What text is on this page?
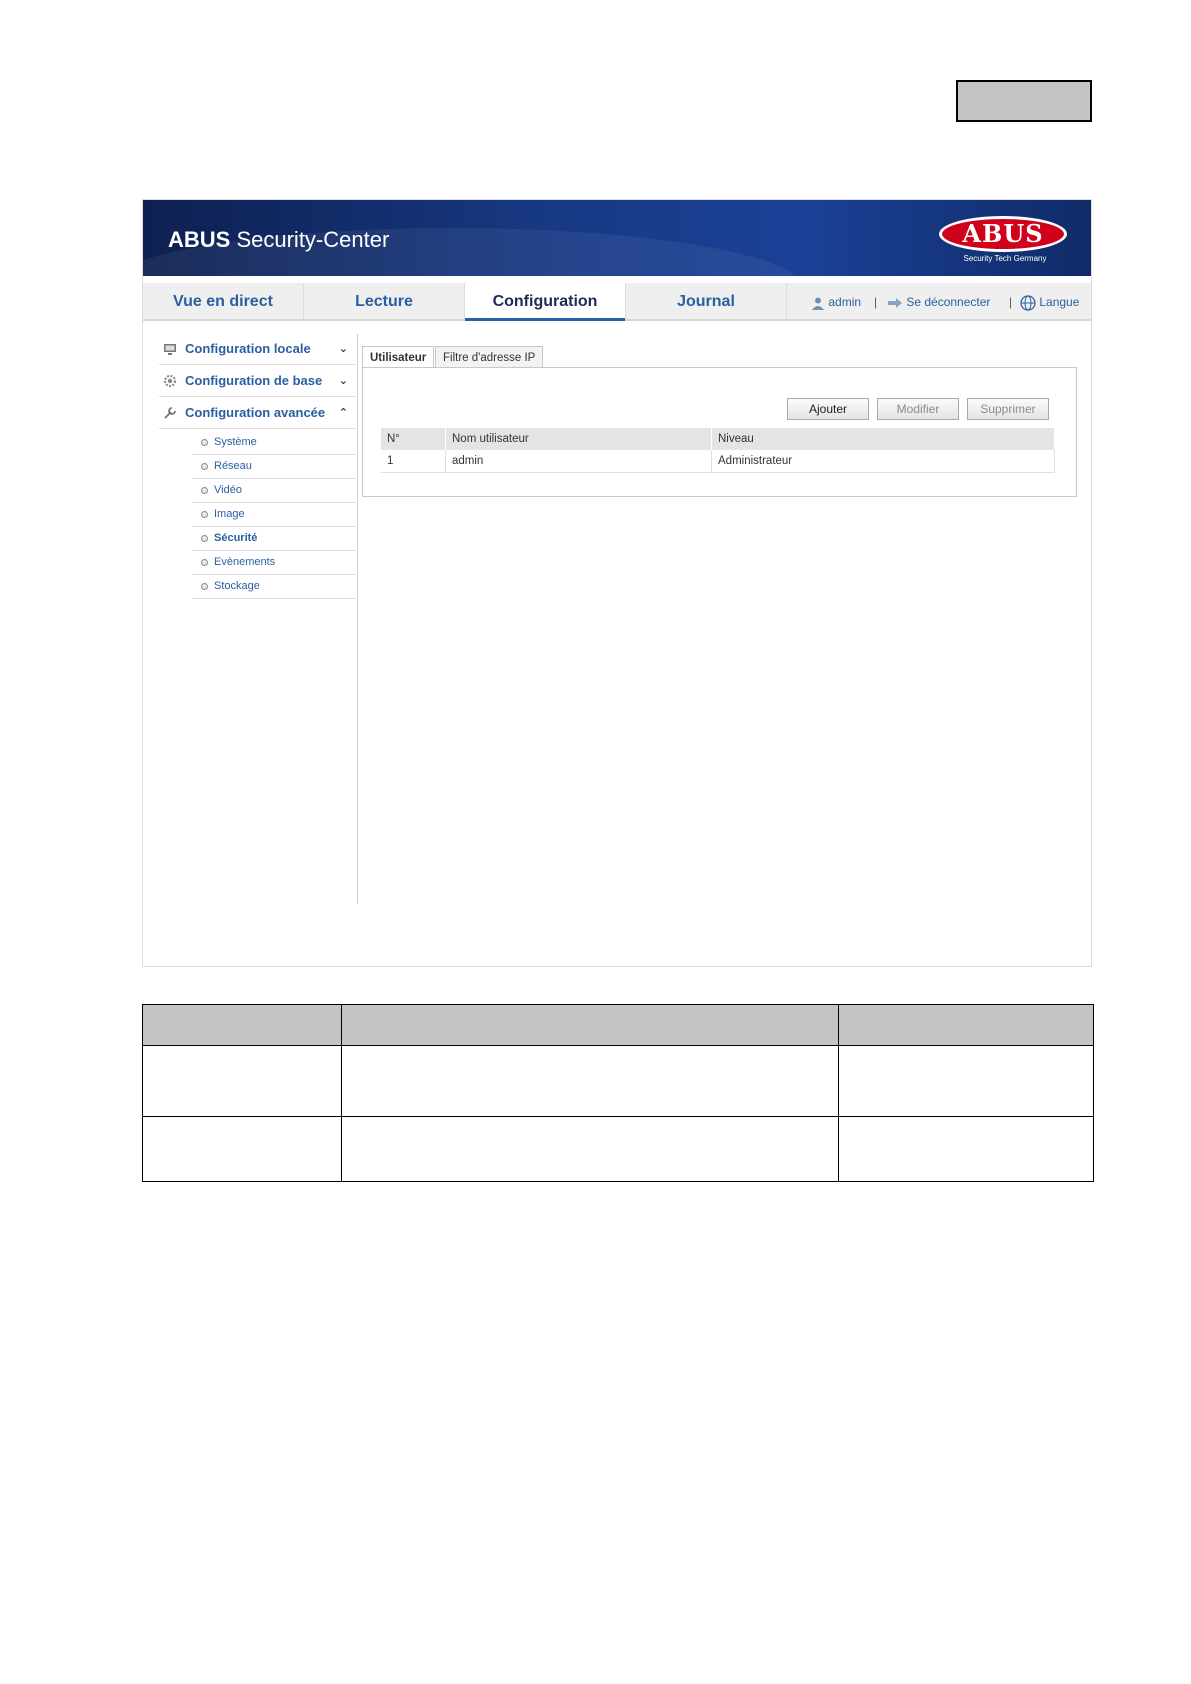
ABUS Security-Center	ABUS
Security Tech Germany
Vue en direct	Lecture	Configuration	Journal	admin |	Se déconnecter |	Langue
Configuration locale	⌄
Configuration de base ⌄
Configuration avancée ⌃
Système
Réseau
Vidéo
Image
Sécurité
Evènements
Stockage
Utilisateur	Filtre d'adresse IP
Ajouter	Modifier	Supprimer
N°	Nom utilisateur	Niveau
1	admin	Administrateur
